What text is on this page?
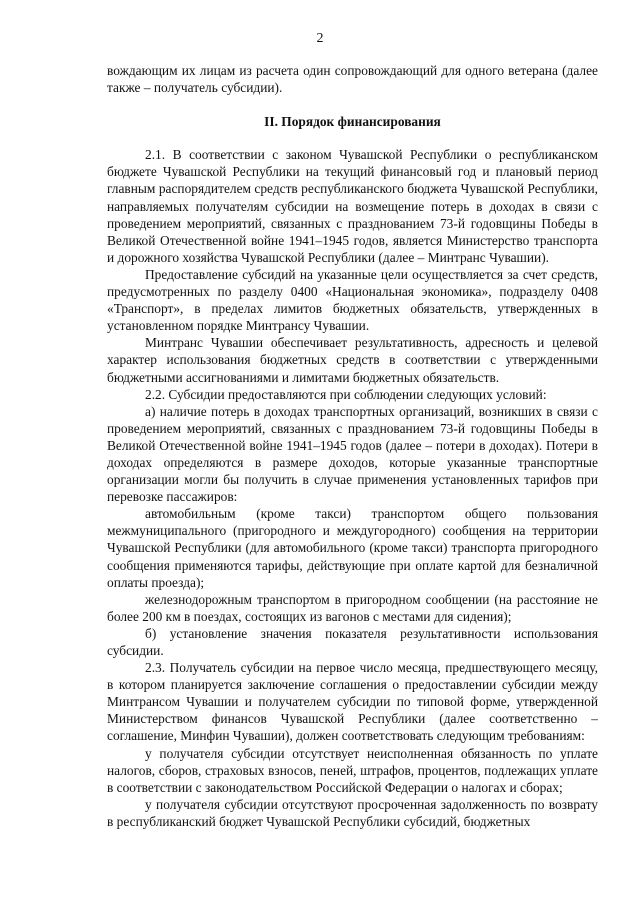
2

вождающим их лицам из расчета один сопровождающий для одного ветерана (далее также – получатель субсидии).

II. Порядок финансирования

2.1. В соответствии с законом Чувашской Республики о республиканском бюджете Чувашской Республики на текущий финансовый год и плановый период главным распорядителем средств республиканского бюджета Чувашской Республики, направляемых получателям субсидии на возмещение потерь в доходах в связи с проведением мероприятий, связанных с празднованием 73-й годовщины Победы в Великой Отечественной войне 1941–1945 годов, является Министерство транспорта и дорожного хозяйства Чувашской Республики (далее – Минтранс Чувашии).

Предоставление субсидий на указанные цели осуществляется за счет средств, предусмотренных по разделу 0400 «Национальная экономика», подразделу 0408 «Транспорт», в пределах лимитов бюджетных обязательств, утвержденных в установленном порядке Минтрансу Чувашии.

Минтранс Чувашии обеспечивает результативность, адресность и целевой характер использования бюджетных средств в соответствии с утвержденными бюджетными ассигнованиями и лимитами бюджетных обязательств.

2.2. Субсидии предоставляются при соблюдении следующих условий:

а) наличие потерь в доходах транспортных организаций, возникших в связи с проведением мероприятий, связанных с празднованием 73-й годовщины Победы в Великой Отечественной войне 1941–1945 годов (далее – потери в доходах). Потери в доходах определяются в размере доходов, которые указанные транспортные организации могли бы получить в случае применения установленных тарифов при перевозке пассажиров:

автомобильным (кроме такси) транспортом общего пользования межмуниципального (пригородного и междугородного) сообщения на территории Чувашской Республики (для автомобильного (кроме такси) транспорта пригородного сообщения применяются тарифы, действующие при оплате картой для безналичной оплаты проезда);

железнодорожным транспортом в пригородном сообщении (на расстояние не более 200 км в поездах, состоящих из вагонов с местами для сидения);

б) установление значения показателя результативности использования субсидии.

2.3. Получатель субсидии на первое число месяца, предшествующего месяцу, в котором планируется заключение соглашения о предоставлении субсидии между Минтрансом Чувашии и получателем субсидии по типовой форме, утвержденной Министерством финансов Чувашской Республики (далее соответственно – соглашение, Минфин Чувашии), должен соответствовать следующим требованиям:

у получателя субсидии отсутствует неисполненная обязанность по уплате налогов, сборов, страховых взносов, пеней, штрафов, процентов, подлежащих уплате в соответствии с законодательством Российской Федерации о налогах и сборах;

у получателя субсидии отсутствуют просроченная задолженность по возврату в республиканский бюджет Чувашской Республики субсидий, бюджетных
